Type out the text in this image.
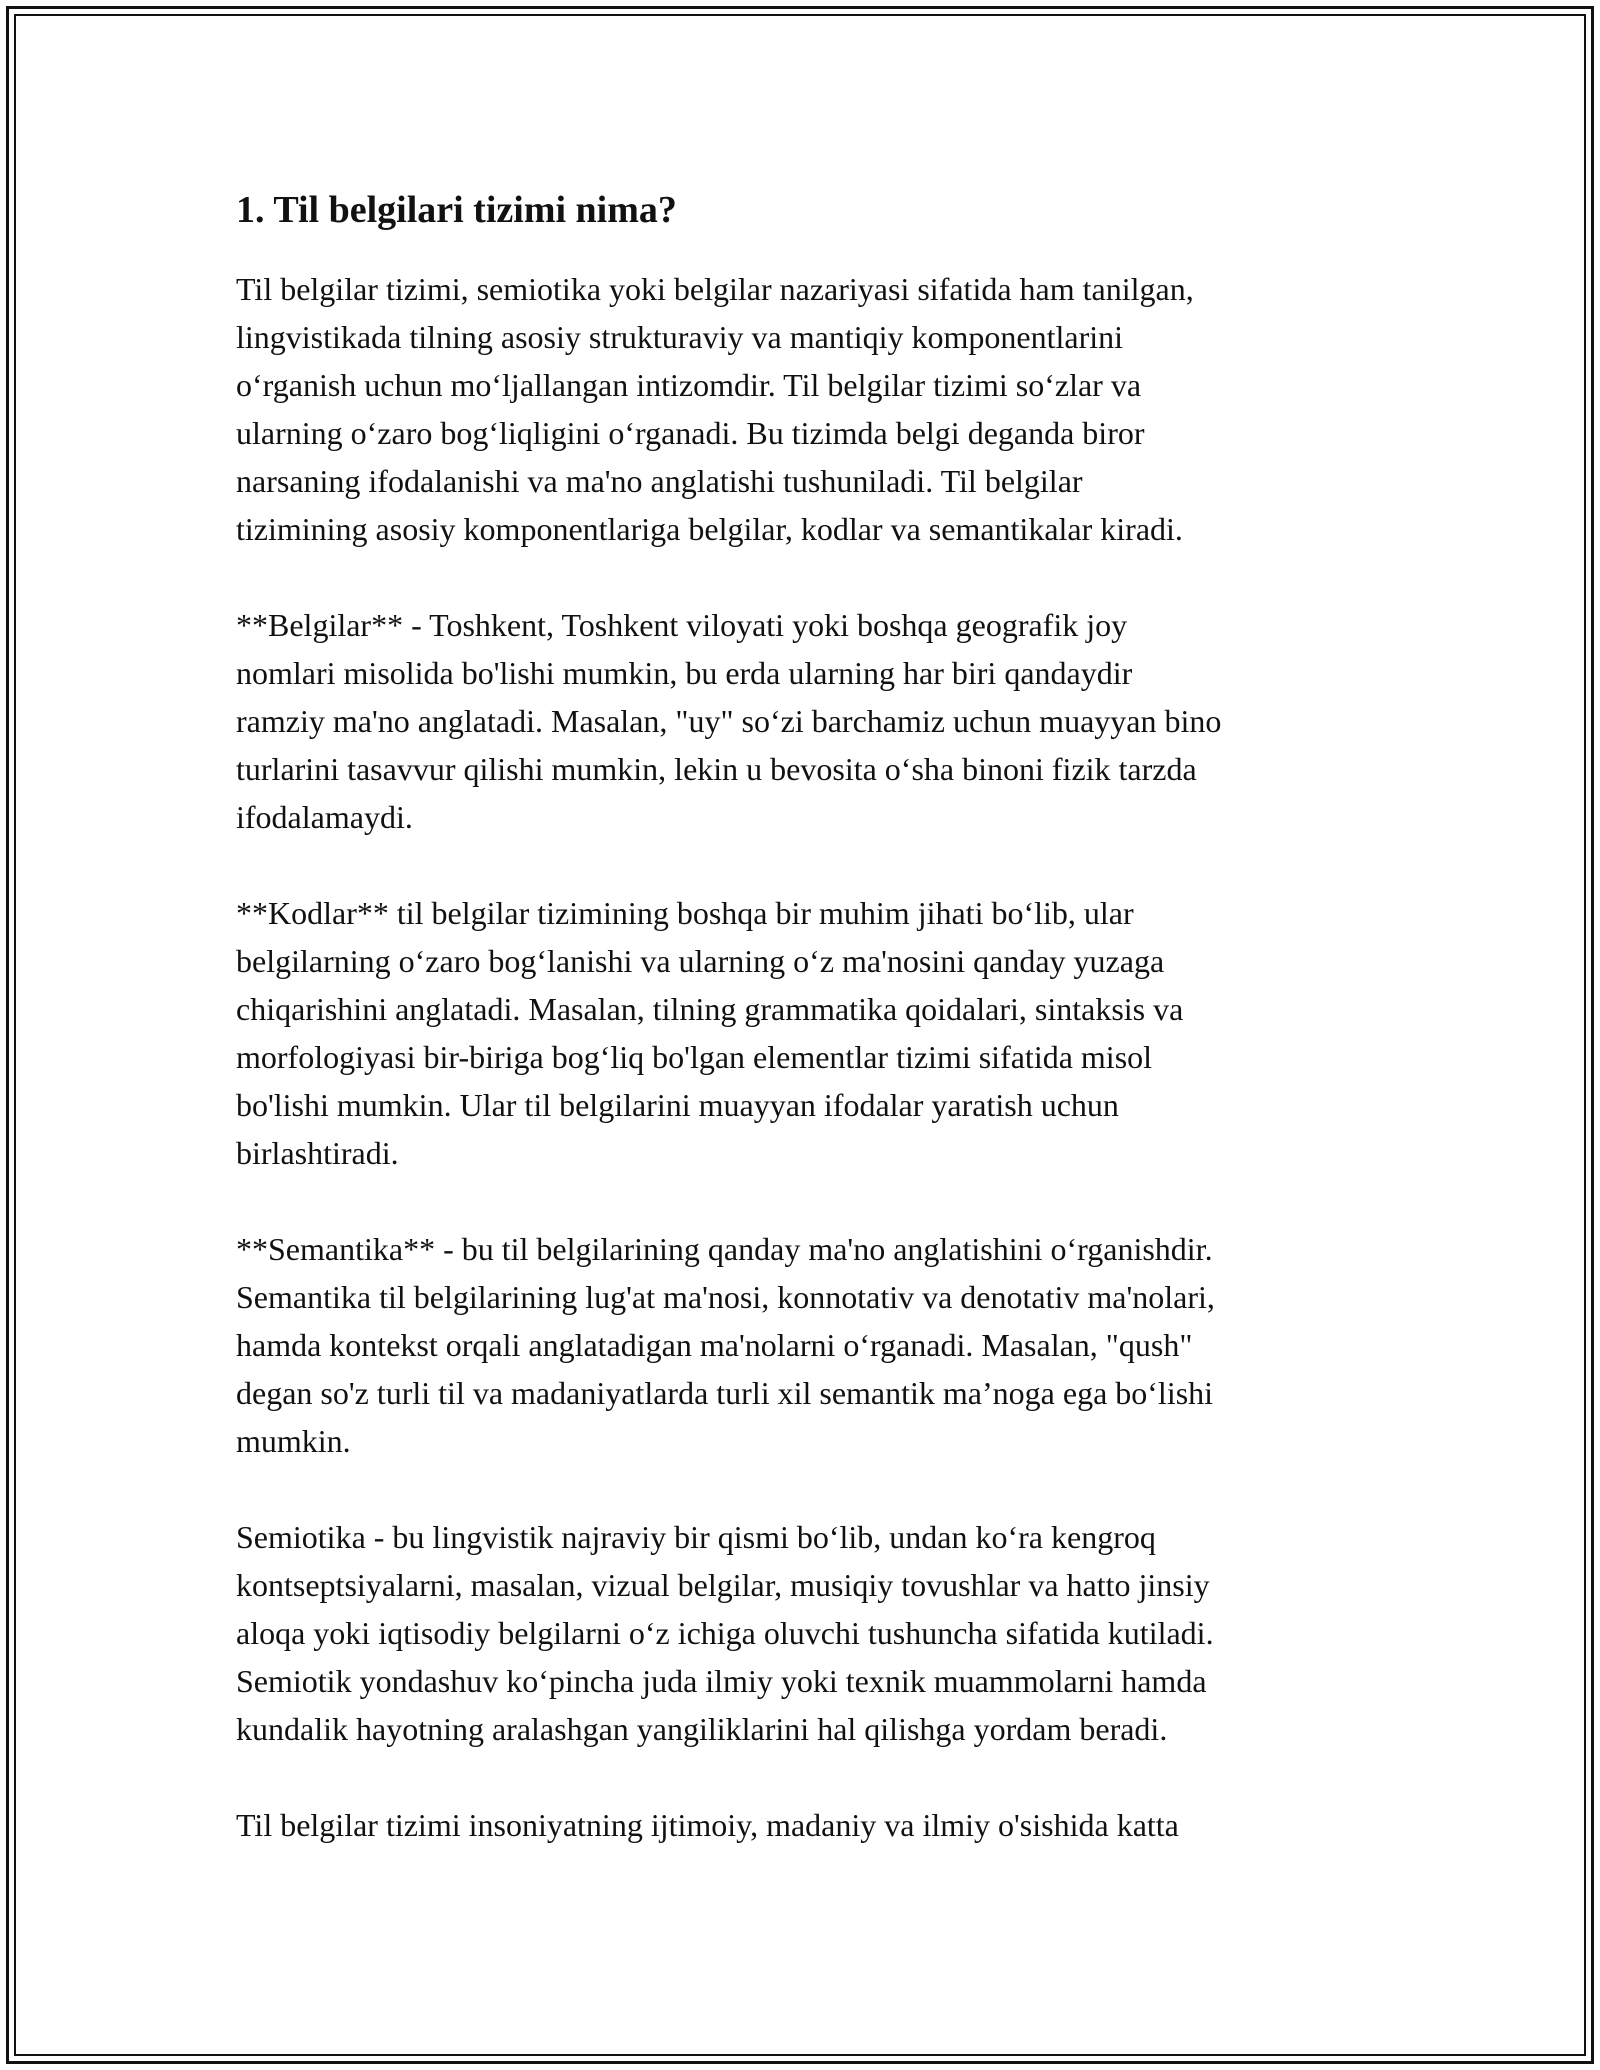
1. Til belgilari tizimi nima?

Til belgilar tizimi, semiotika yoki belgilar nazariyasi sifatida ham tanilgan,
lingvistikada tilning asosiy strukturaviy va mantiqiy komponentlarini
o‘rganish uchun mo‘ljallangan intizomdir. Til belgilar tizimi so‘zlar va
ularning o‘zaro bog‘liqligini o‘rganadi. Bu tizimda belgi deganda biror
narsaning ifodalanishi va ma'no anglatishi tushuniladi. Til belgilar
tizimining asosiy komponentlariga belgilar, kodlar va semantikalar kiradi.

**Belgilar** - Toshkent, Toshkent viloyati yoki boshqa geografik joy
nomlari misolida bo'lishi mumkin, bu erda ularning har biri qandaydir
ramziy ma'no anglatadi. Masalan, "uy" so‘zi barchamiz uchun muayyan bino
turlarini tasavvur qilishi mumkin, lekin u bevosita o‘sha binoni fizik tarzda
ifodalamaydi.

**Kodlar** til belgilar tizimining boshqa bir muhim jihati bo‘lib, ular
belgilarning o‘zaro bog‘lanishi va ularning o‘z ma'nosini qanday yuzaga
chiqarishini anglatadi. Masalan, tilning grammatika qoidalari, sintaksis va
morfologiyasi bir-biriga bog‘liq bo'lgan elementlar tizimi sifatida misol
bo'lishi mumkin. Ular til belgilarini muayyan ifodalar yaratish uchun
birlashtiradi.

**Semantika** - bu til belgilarining qanday ma'no anglatishini o‘rganishdir.
Semantika til belgilarining lug'at ma'nosi, konnotativ va denotativ ma'nolari,
hamda kontekst orqali anglatadigan ma'nolarni o‘rganadi. Masalan, "qush"
degan so'z turli til va madaniyatlarda turli xil semantik ma’noga ega bo‘lishi
mumkin.

Semiotika - bu lingvistik najraviy bir qismi bo‘lib, undan ko‘ra kengroq
kontseptsiyalarni, masalan, vizual belgilar, musiqiy tovushlar va hatto jinsiy
aloqa yoki iqtisodiy belgilarni o‘z ichiga oluvchi tushuncha sifatida kutiladi.
Semiotik yondashuv ko‘pincha juda ilmiy yoki texnik muammolarni hamda
kundalik hayotning aralashgan yangiliklarini hal qilishga yordam beradi.

Til belgilar tizimi insoniyatning ijtimoiy, madaniy va ilmiy o'sishida katta
